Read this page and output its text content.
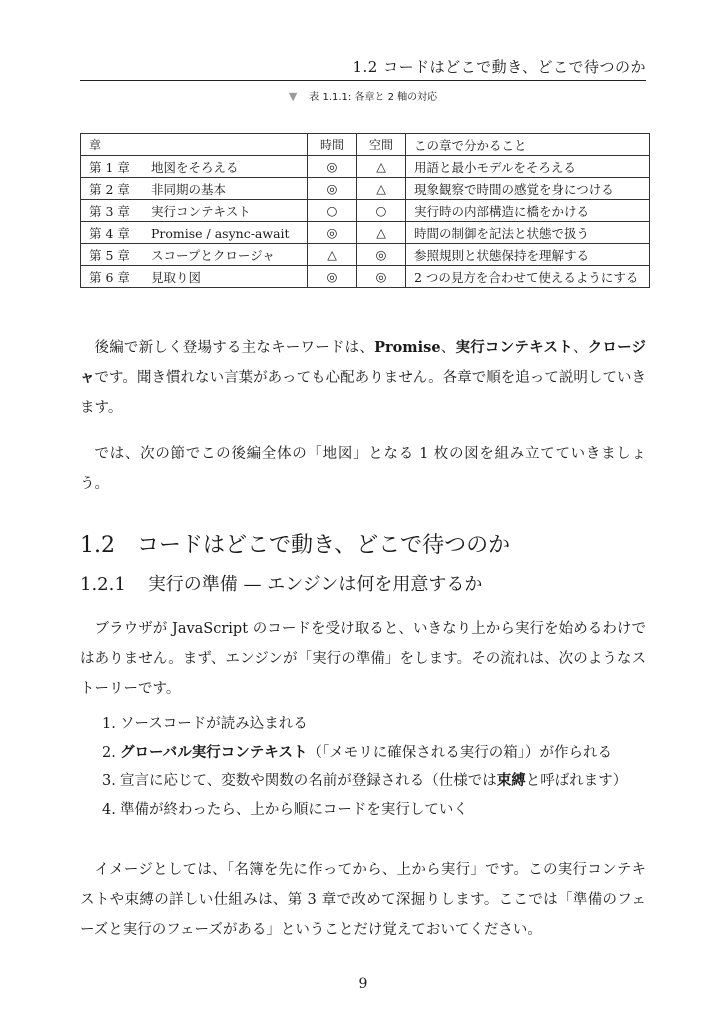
1.2 コードはどこで動き、どこで待つのか
▼ 表 1.1.1: 各章と 2 軸の対応
章	時間	空間	この章で分かること
第 1 章 地図をそろえる	◎	△	用語と最小モデルをそろえる
第 2 章 非同期の基本	◎	△	現象観察で時間の感覚を身につける
第 3 章 実行コンテキスト	○	○	実行時の内部構造に橋をかける
第 4 章 Promise / async-await	◎	△	時間の制御を記法と状態で扱う
第 5 章 スコープとクロージャ	△	◎	参照規則と状態保持を理解する
第 6 章 見取り図	◎	◎	2 つの見方を合わせて使えるようにする

後編で新しく登場する主なキーワードは、Promise、実行コンテキスト、クロージャです。聞き慣れない言葉があっても心配ありません。各章で順を追って説明していきます。

では、次の節でこの後編全体の「地図」となる 1 枚の図を組み立てていきましょう。

1.2 コードはどこで動き、どこで待つのか
1.2.1 実行の準備 — エンジンは何を用意するか

ブラウザが JavaScript のコードを受け取ると、いきなり上から実行を始めるわけではありません。まず、エンジンが「実行の準備」をします。その流れは、次のようなストーリーです。

1. ソースコードが読み込まれる
2. グローバル実行コンテキスト（「メモリに確保される実行の箱」）が作られる
3. 宣言に応じて、変数や関数の名前が登録される（仕様では束縛と呼ばれます）
4. 準備が終わったら、上から順にコードを実行していく

イメージとしては、「名簿を先に作ってから、上から実行」です。この実行コンテキストや束縛の詳しい仕組みは、第 3 章で改めて深掘りします。ここでは「準備のフェーズと実行のフェーズがある」ということだけ覚えておいてください。

9
